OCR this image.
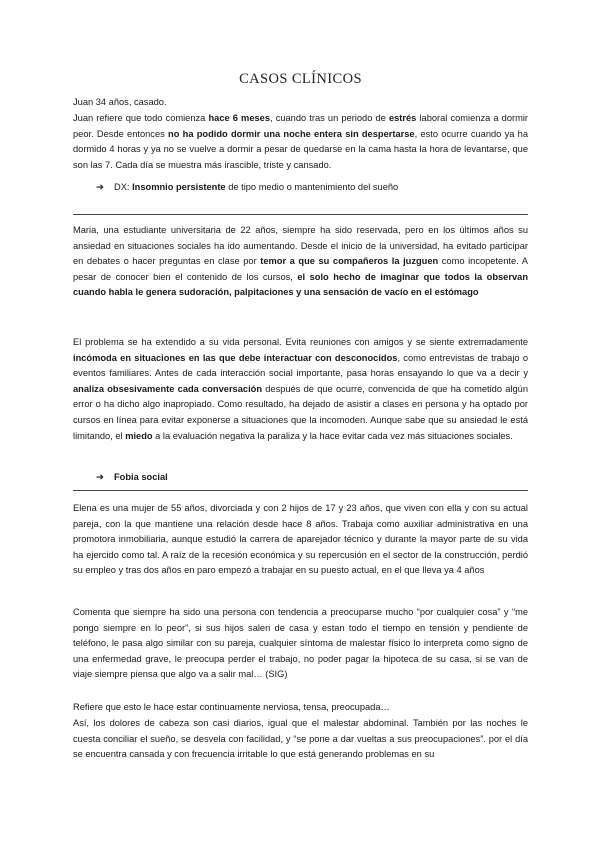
CASOS CLÍNICOS
Juan 34 años, casado.
Juan refiere que todo comienza hace 6 meses, cuando tras un periodo de estrés laboral comienza a dormir peor. Desde entonces no ha podido dormir una noche entera sin despertarse, esto ocurre cuando ya ha dormido 4 horas y ya no se vuelve a dormir a pesar de quedarse en la cama hasta la hora de levantarse, que son las 7. Cada día se muestra más irascible, triste y cansado.
➔ DX: Insomnio persistente de tipo medio o mantenimiento del sueño
Maria, una estudiante universitaria de 22 años, siempre ha sido reservada, pero en los últimos años su ansiedad en situaciones sociales ha ido aumentando. Desde el inicio de la universidad, ha evitado participar en debates o hacer preguntas en clase por temor a que su compañeros la juzguen como incopetente. A pesar de conocer bien el contenido de los cursos, el solo hecho de imaginar que todos la observan cuando habla le genera sudoración, palpitaciones y una sensación de vacío en el estómago
El problema se ha extendido a su vida personal. Evita reuniones con amigos y se siente extremadamente incómoda en situaciones en las que debe interactuar con desconocidos, como entrevistas de trabajo o eventos familiares. Antes de cada interacción social importante, pasa horas ensayando lo que va a decir y analiza obsesivamente cada conversación después de que ocurre, convencida de que ha cometido algún error o ha dicho algo inapropiado. Como resultado, ha dejado de asistir a clases en persona y ha optado por cursos en línea para evitar exponerse a situaciones que la incomoden. Aunque sabe que su ansiedad le está limitando, el miedo a la evaluación negativa la paraliza y la hace evitar cada vez más situaciones sociales.
➔ Fobia social
Elena es una mujer de 55 años, divorciada y con 2 hijos de 17 y 23 años, que viven con ella y con su actual pareja, con la que mantiene una relación desde hace 8 años. Trabaja como auxiliar administrativa en una promotora inmobiliaria, aunque estudió la carrera de aparejador técnico y durante la mayor parte de su vida ha ejercido como tal. A raíz de la recesión económica y su repercusión en el sector de la construcción, perdió su empleo y tras dos años en paro empezó a trabajar en su puesto actual, en el que lleva ya 4 años
Comenta que siempre ha sido una persona con tendencia a preocuparse mucho “por cualquier cosa” y “me pongo siempre en lo peor”, si sus hijos salen de casa y estan todo el tiempo en tensión y pendiente de teléfono, le pasa algo similar con su pareja, cualquier síntoma de malestar físico lo interpreta como signo de una enfermedad grave, le preocupa perder el trabajo, no poder pagar la hipoteca de su casa, si se van de viaje siempre piensa que algo va a salir mal… (SIG)
Refiere que esto le hace estar continuamente nerviosa, tensa, preocupada…
Así, los dolores de cabeza son casi diarios, igual que el malestar abdominal. También por las noches le cuesta conciliar el sueño, se desvela con facilidad, y “se pone a dar vueltas a sus preocupaciones”. por el día se encuentra cansada y con frecuencia irritable lo que está generando problemas en su
